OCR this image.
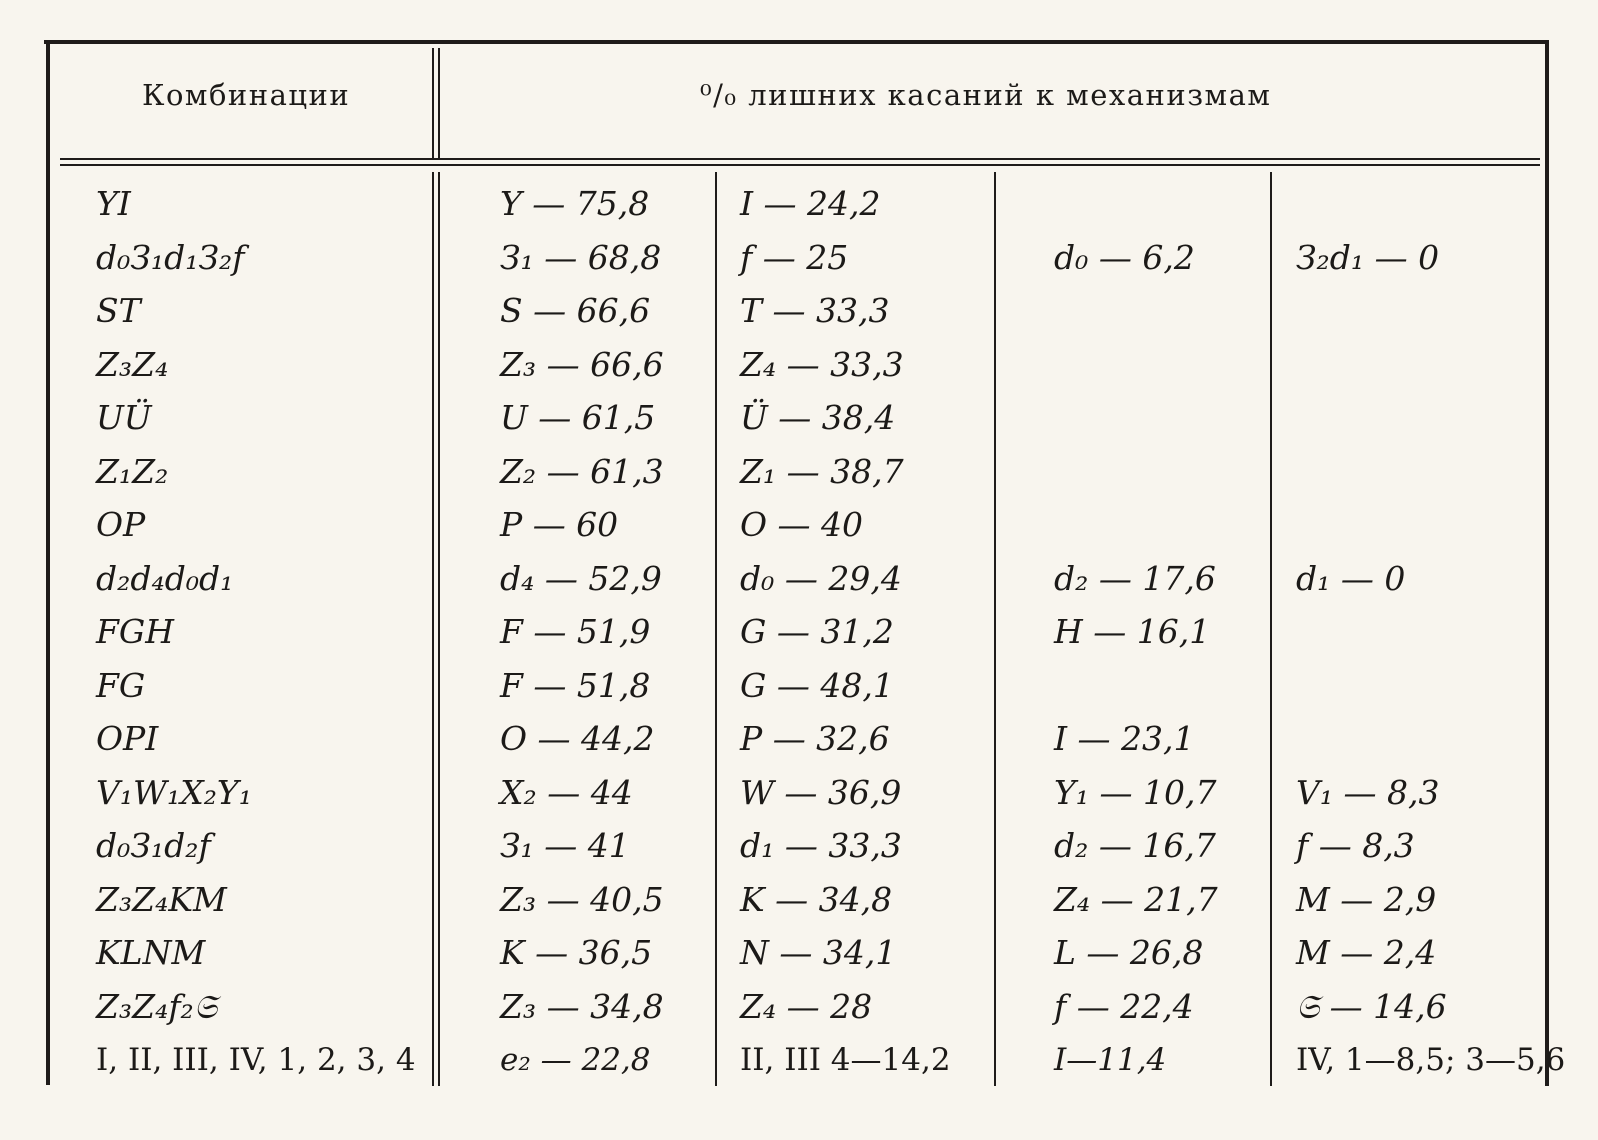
Комбинации	⁰/₀ лишних касаний к механизмам
YI	Y — 75,8	I — 24,2
d₀З₁d₁З₂f	З₁ — 68,8 f — 25	d₀ — 6,2	З₂d₁ — 0
ST	S — 66,6	T — 33,3
Z₃Z₄	Z₃ — 66,6 Z₄ — 33,3
UÜ	U — 61,5	Ü — 38,4
Z₁Z₂	Z₂ — 61,3 Z₁ — 38,7
OP	P — 60	O — 40
d₂d₄d₀d₁	d₄ — 52,9 d₀ — 29,4	d₂ — 17,6 d₁ — 0
FGH	F — 51,9	G — 31,2	H — 16,1
FG	F — 51,8	G — 48,1
OPI	O — 44,2	P — 32,6	I — 23,1
V₁W₁X₂Y₁	X₂ — 44	W — 36,9	Y₁ — 10,7 V₁ — 8,3
d₀З₁d₂f	З₁ — 41	d₁ — 33,3	d₂ — 16,7 f — 8,3
Z₃Z₄KM	Z₃ — 40,5 K — 34,8	Z₄ — 21,7 M — 2,9
KLNM	K — 36,5	N — 34,1	L — 26,8	M — 2,4
Z₃Z₄f₂𝔖	Z₃ — 34,8 Z₄ — 28	f — 22,4	𝔖 — 14,6
I, II, III, IV, 1, 2, 3, 4	e₂ — 22,8	II, III 4—14,2	I—11,4	IV, 1—8,5; 3—5,6
